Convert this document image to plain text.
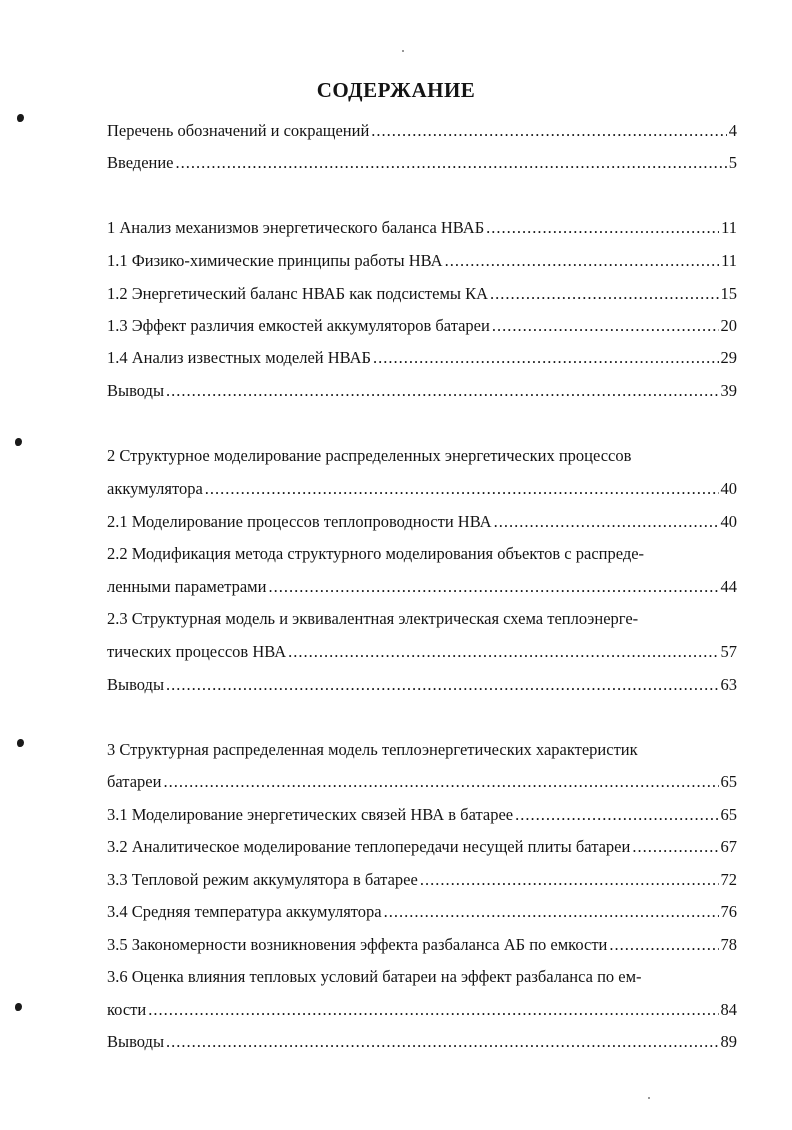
СОДЕРЖАНИЕ
Перечень обозначений и сокращений .....	4
Введение .....	5
1 Анализ механизмов энергетического баланса НВАБ .....	11
1.1 Физико-химические принципы работы НВА .....	11
1.2 Энергетический баланс НВАБ как подсистемы КА .....	15
1.3 Эффект различия емкостей аккумуляторов батареи .....	20
1.4 Анализ известных моделей НВАБ .....	29
Выводы .....	39
2 Структурное моделирование распределенных энергетических процессов
аккумулятора .....	40
2.1 Моделирование процессов теплопроводности НВА .....	40
2.2 Модификация метода структурного моделирования объектов с распреде-
ленными параметрами .....	44
2.3 Структурная модель и эквивалентная электрическая схема теплоэнерге-
тических процессов НВА .....	57
Выводы .....	63
3 Структурная распределенная модель теплоэнергетических характеристик
батареи .....	65
3.1 Моделирование энергетических связей НВА в батарее .....	65
3.2 Аналитическое моделирование теплопередачи несущей плиты батареи .....	67
3.3 Тепловой режим аккумулятора в батарее .....	72
3.4 Средняя температура аккумулятора .....	76
3.5 Закономерности возникновения эффекта разбаланса АБ по емкости .....	78
3.6 Оценка влияния тепловых условий батареи на эффект разбаланса по ем-
кости .....	84
Выводы .....	89
